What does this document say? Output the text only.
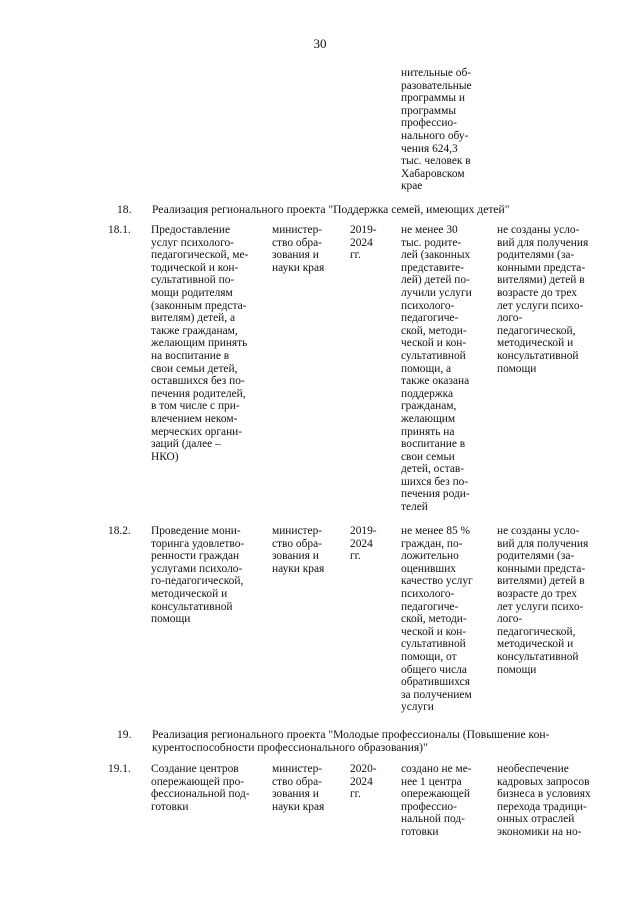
30
нительные об-
разовательные
программы и
программы
профессио-
нального обу-
чения 624,3
тыс. человек в
Хабаровском
крае
18. Реализация регионального проекта "Поддержка семей, имеющих детей"
18.1. Предоставление
услуг психолого-
педагогической, ме-
тодической и кон-
сультативной по-
мощи родителям
(законным предста-
вителям) детей, а
также гражданам,
желающим принять
на воспитание в
свои семьи детей,
оставшихся без по-
печения родителей,
в том числе с при-
влечением неком-
мерческих органи-
заций (далее –
НКО)
министер-
ство обра-
зования и
науки края
2019-
2024
гг.
не менее 30
тыс. родите-
лей (законных
представите-
лей) детей по-
лучили услуги
психолого-
педагогиче-
ской, методи-
ческой и кон-
сультативной
помощи, а
также оказана
поддержка
гражданам,
желающим
принять на
воспитание в
свои семьи
детей, остав-
шихся без по-
печения роди-
телей
не созданы усло-
вий для получения
родителями (за-
конными предста-
вителями) детей в
возрасте до трех
лет услуги психо-
лого-
педагогической,
методической и
консультативной
помощи
18.2. Проведение мони-
торинга удовлетво-
ренности граждан
услугами психоло-
го-педагогической,
методической и
консультативной
помощи
министер-
ство обра-
зования и
науки края
2019-
2024
гг.
не менее 85 %
граждан, по-
ложительно
оценивших
качество услуг
психолого-
педагогиче-
ской, методи-
ческой и кон-
сультативной
помощи, от
общего числа
обратившихся
за получением
услуги
не созданы усло-
вий для получения
родителями (за-
конными предста-
вителями) детей в
возрасте до трех
лет услуги психо-
лого-
педагогической,
методической и
консультативной
помощи
19. Реализация регионального проекта "Молодые профессионалы (Повышение кон-
курентоспособности профессионального образования)"
19.1. Создание центров
опережающей про-
фессиональной под-
готовки
министер-
ство обра-
зования и
науки края
2020-
2024
гг.
создано не ме-
нее 1 центра
опережающей
профессио-
нальной под-
готовки
необеспечение
кадровых запросов
бизнеса в условиях
перехода традици-
онных отраслей
экономики на но-
